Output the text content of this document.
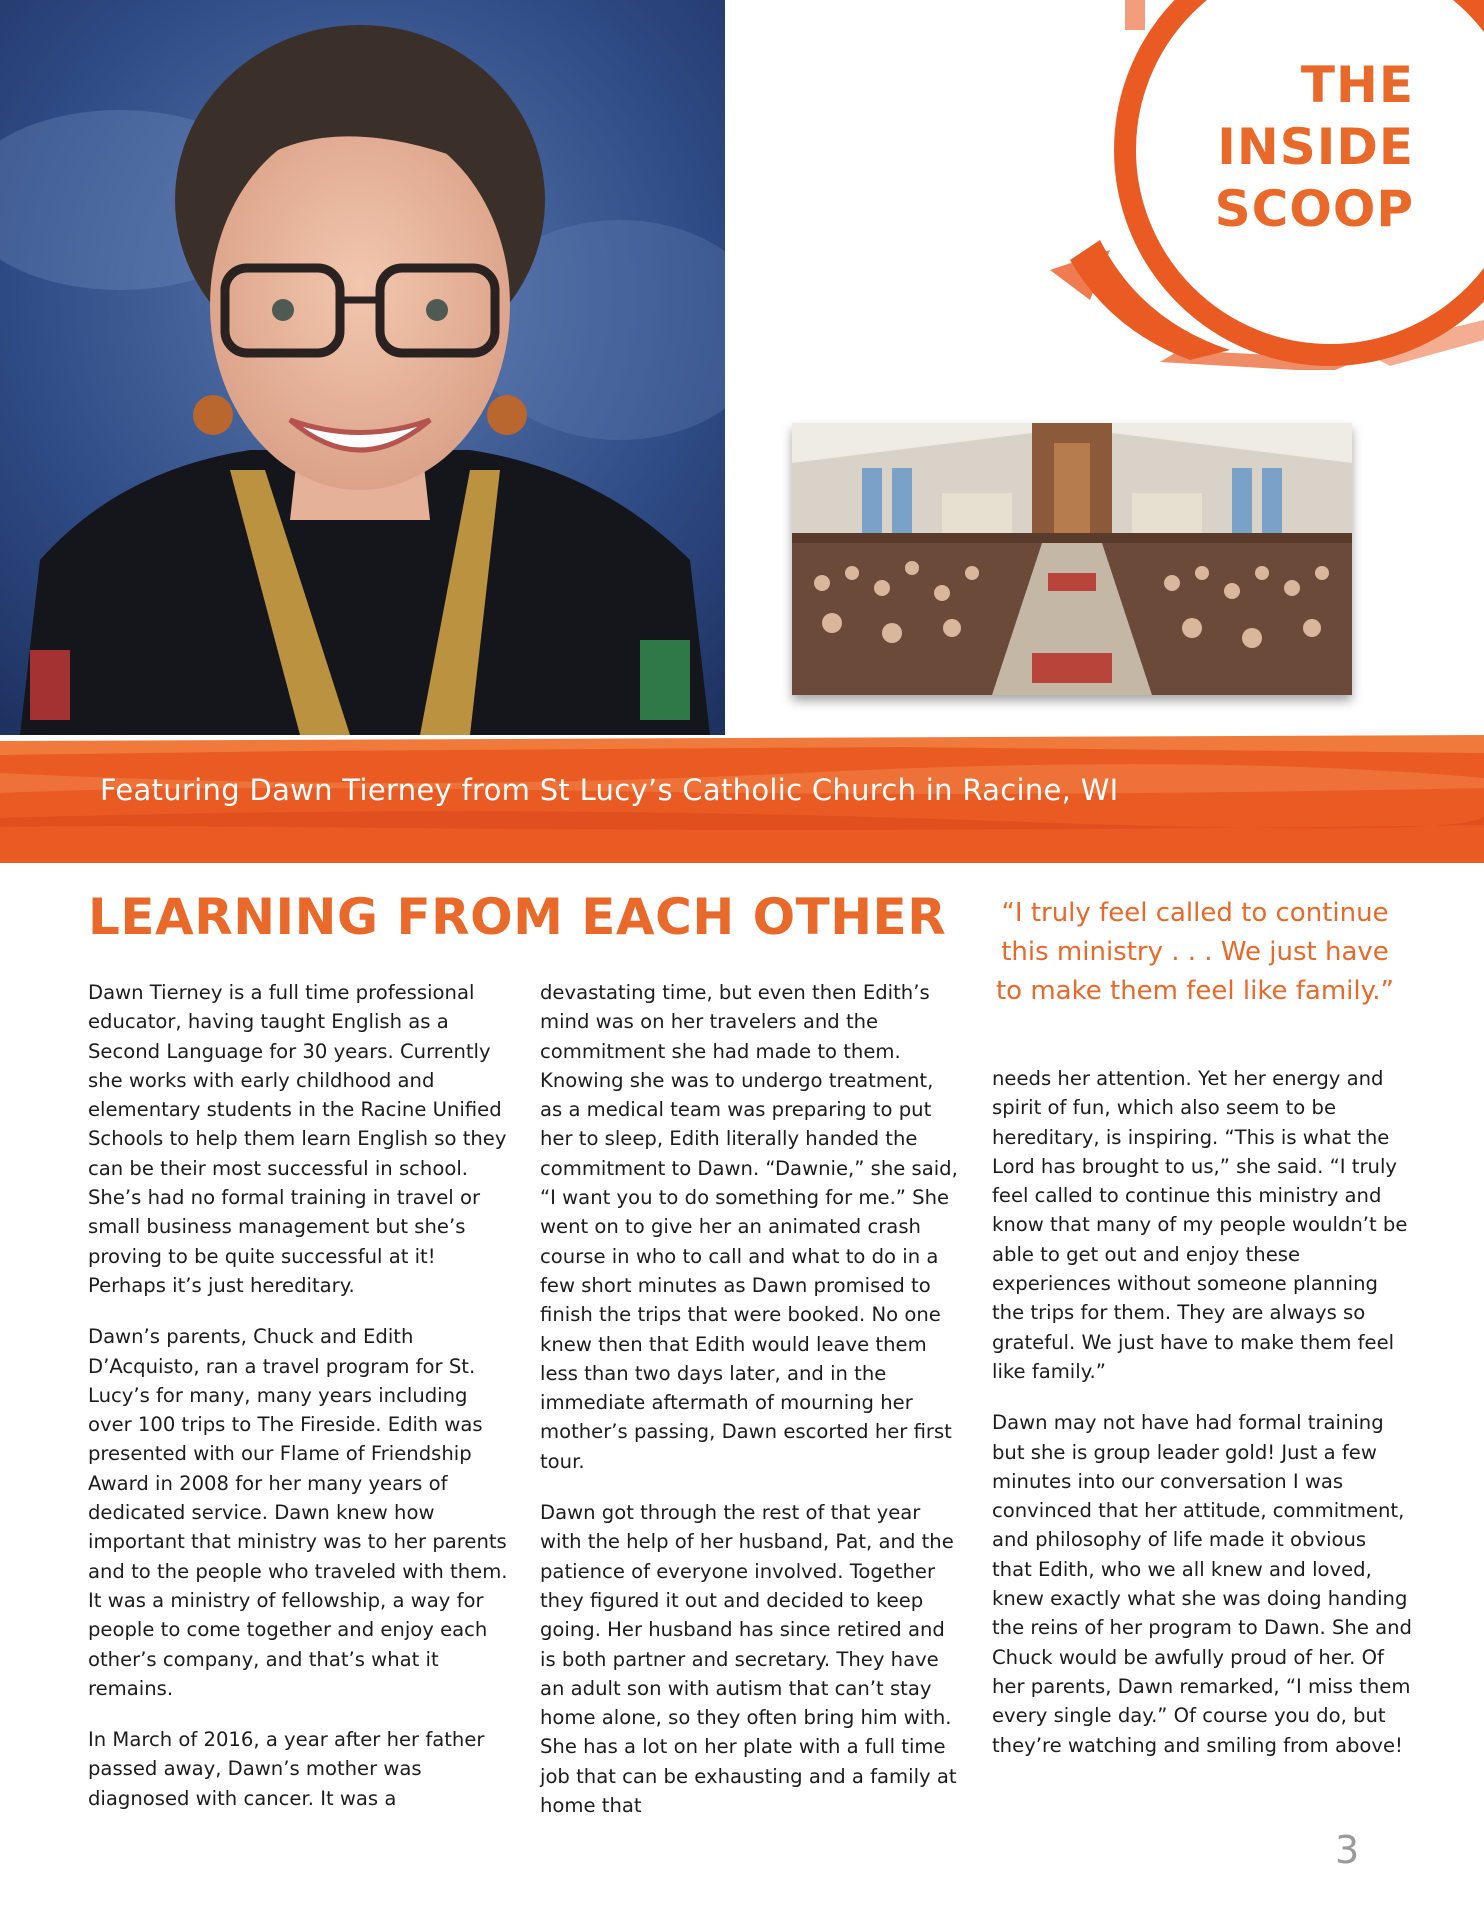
THE
INSIDE
SCOOP
Featuring Dawn Tierney from St Lucy’s Catholic Church in Racine, WI
LEARNING FROM EACH OTHER	“I truly feel called to continue this ministry . . . We just have to make them feel like family.”

Dawn Tierney is a full time professional educator, having taught English as a Second Language for 30 years. Currently she works with early childhood and elementary students in the Racine Unified Schools to help them learn English so they can be their most successful in school. She’s had no formal training in travel or small business management but she’s proving to be quite successful at it! Perhaps it’s just hereditary.

Dawn’s parents, Chuck and Edith D’Acquisto, ran a travel program for St. Lucy’s for many, many years including over 100 trips to The Fireside. Edith was presented with our Flame of Friendship Award in 2008 for her many years of dedicated service. Dawn knew how important that ministry was to her parents and to the people who traveled with them. It was a ministry of fellowship, a way for people to come together and enjoy each other’s company, and that’s what it remains.

In March of 2016, a year after her father passed away, Dawn’s mother was diagnosed with cancer. It was a

devastating time, but even then Edith’s mind was on her travelers and the commitment she had made to them. Knowing she was to undergo treatment, as a medical team was preparing to put her to sleep, Edith literally handed the commitment to Dawn. “Dawnie,” she said, “I want you to do something for me.” She went on to give her an animated crash course in who to call and what to do in a few short minutes as Dawn promised to finish the trips that were booked. No one knew then that Edith would leave them less than two days later, and in the immediate aftermath of mourning her mother’s passing, Dawn escorted her first tour.

Dawn got through the rest of that year with the help of her husband, Pat, and the patience of everyone involved. Together they figured it out and decided to keep going. Her husband has since retired and is both partner and secretary. They have an adult son with autism that can’t stay home alone, so they often bring him with. She has a lot on her plate with a full time job that can be exhausting and a family at home that

needs her attention. Yet her energy and spirit of fun, which also seem to be hereditary, is inspiring. “This is what the Lord has brought to us,” she said. “I truly feel called to continue this ministry and know that many of my people wouldn’t be able to get out and enjoy these experiences without someone planning the trips for them. They are always so grateful. We just have to make them feel like family.”

Dawn may not have had formal training but she is group leader gold! Just a few minutes into our conversation I was convinced that her attitude, commitment, and philosophy of life made it obvious that Edith, who we all knew and loved, knew exactly what she was doing handing the reins of her program to Dawn. She and Chuck would be awfully proud of her. Of her parents, Dawn remarked, “I miss them every single day.” Of course you do, but they’re watching and smiling from above!

3
